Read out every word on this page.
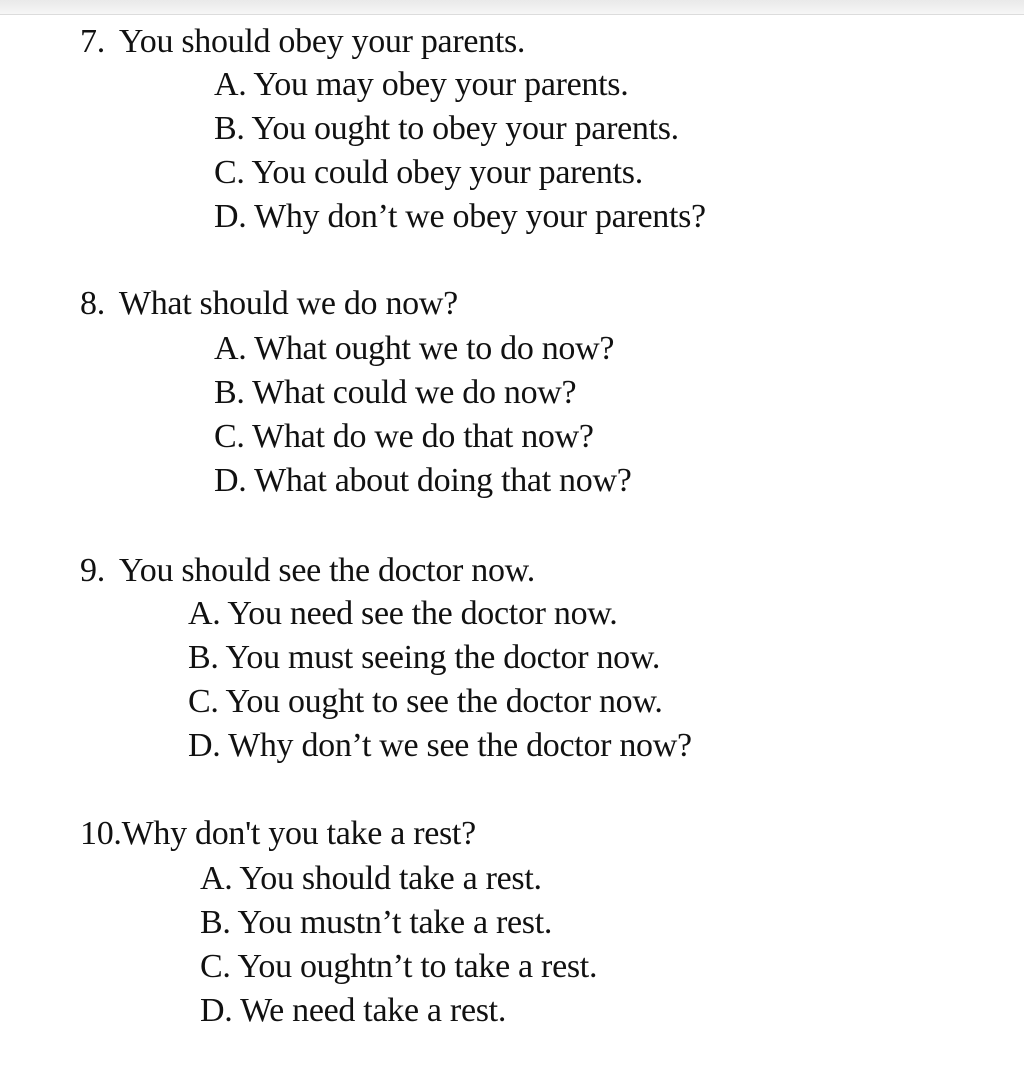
7. You should obey your parents.
A. You may obey your parents.
B. You ought to obey your parents.
C. You could obey your parents.
D. Why don’t we obey your parents?
8. What should we do now?
A. What ought we to do now?
B. What could we do now?
C. What do we do that now?
D. What about doing that now?
9. You should see the doctor now.
A. You need see the doctor now.
B. You must seeing the doctor now.
C. You ought to see the doctor now.
D. Why don’t we see the doctor now?
10.Why don't you take a rest?
A. You should take a rest.
B. You mustn’t take a rest.
C. You oughtn’t to take a rest.
D. We need take a rest.
